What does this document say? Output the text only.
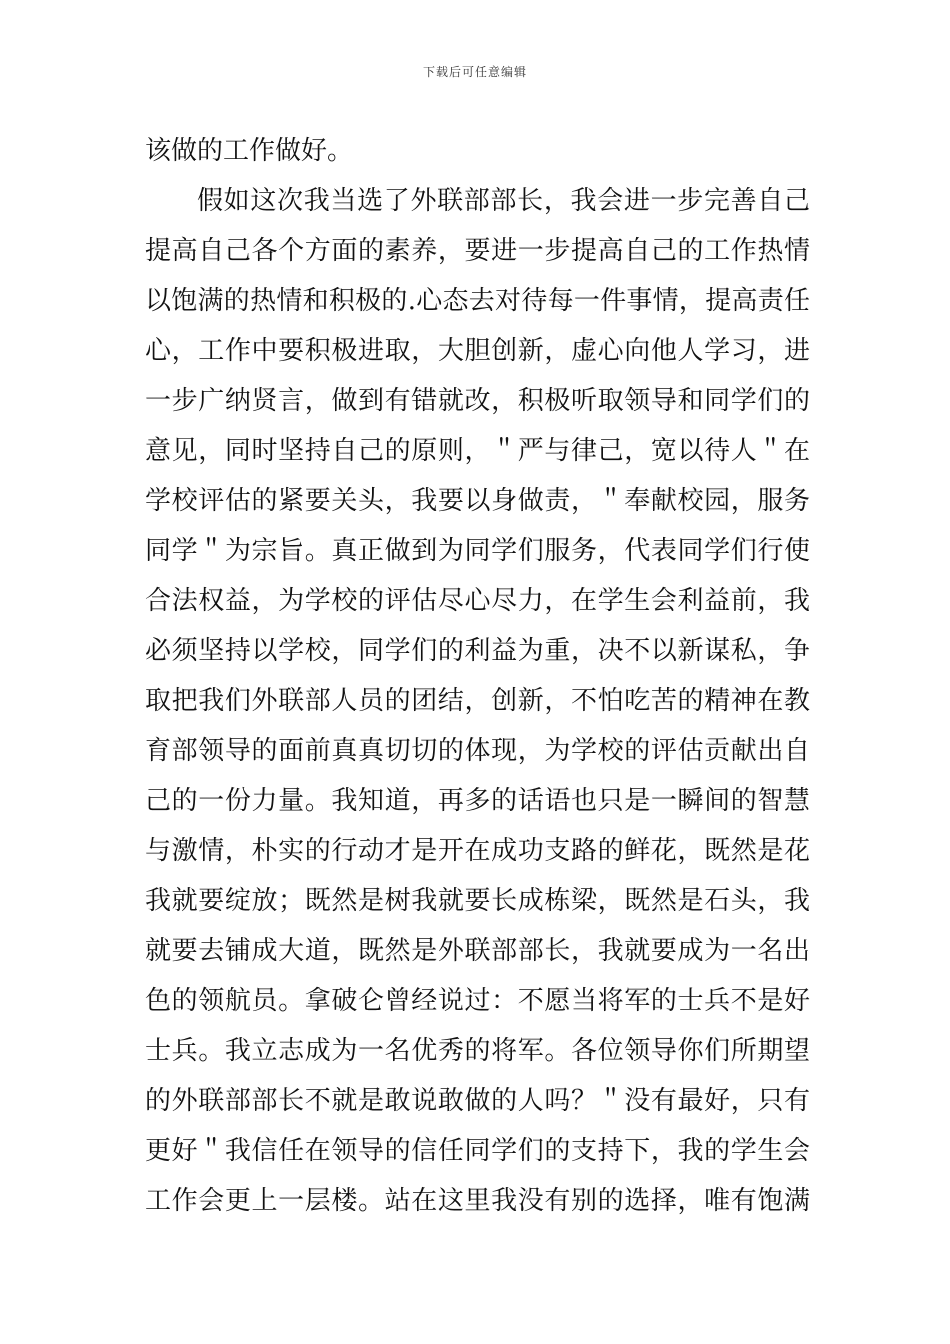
下载后可任意编辑
该做的工作做好。
假如这次我当选了外联部部长，我会进一步完善自己
提高自己各个方面的素养，要进一步提高自己的工作热情
以饱满的热情和积极的.心态去对待每一件事情，提高责任
心，工作中要积极进取，大胆创新，虚心向他人学习，进
一步广纳贤言，做到有错就改，积极听取领导和同学们的
意见，同时坚持自己的原则，＂严与律己，宽以待人＂在
学校评估的紧要关头，我要以身做责，＂奉献校园，服务
同学＂为宗旨。真正做到为同学们服务，代表同学们行使
合法权益，为学校的评估尽心尽力，在学生会利益前，我
必须坚持以学校，同学们的利益为重，决不以新谋私，争
取把我们外联部人员的团结，创新，不怕吃苦的精神在教
育部领导的面前真真切切的体现，为学校的评估贡献出自
己的一份力量。我知道，再多的话语也只是一瞬间的智慧
与激情，朴实的行动才是开在成功支路的鲜花，既然是花
我就要绽放；既然是树我就要长成栋梁，既然是石头，我
就要去铺成大道，既然是外联部部长，我就要成为一名出
色的领航员。拿破仑曾经说过：不愿当将军的士兵不是好
士兵。我立志成为一名优秀的将军。各位领导你们所期望
的外联部部长不就是敢说敢做的人吗？＂没有最好，只有
更好＂我信任在领导的信任同学们的支持下，我的学生会
工作会更上一层楼。站在这里我没有别的选择，唯有饱满
